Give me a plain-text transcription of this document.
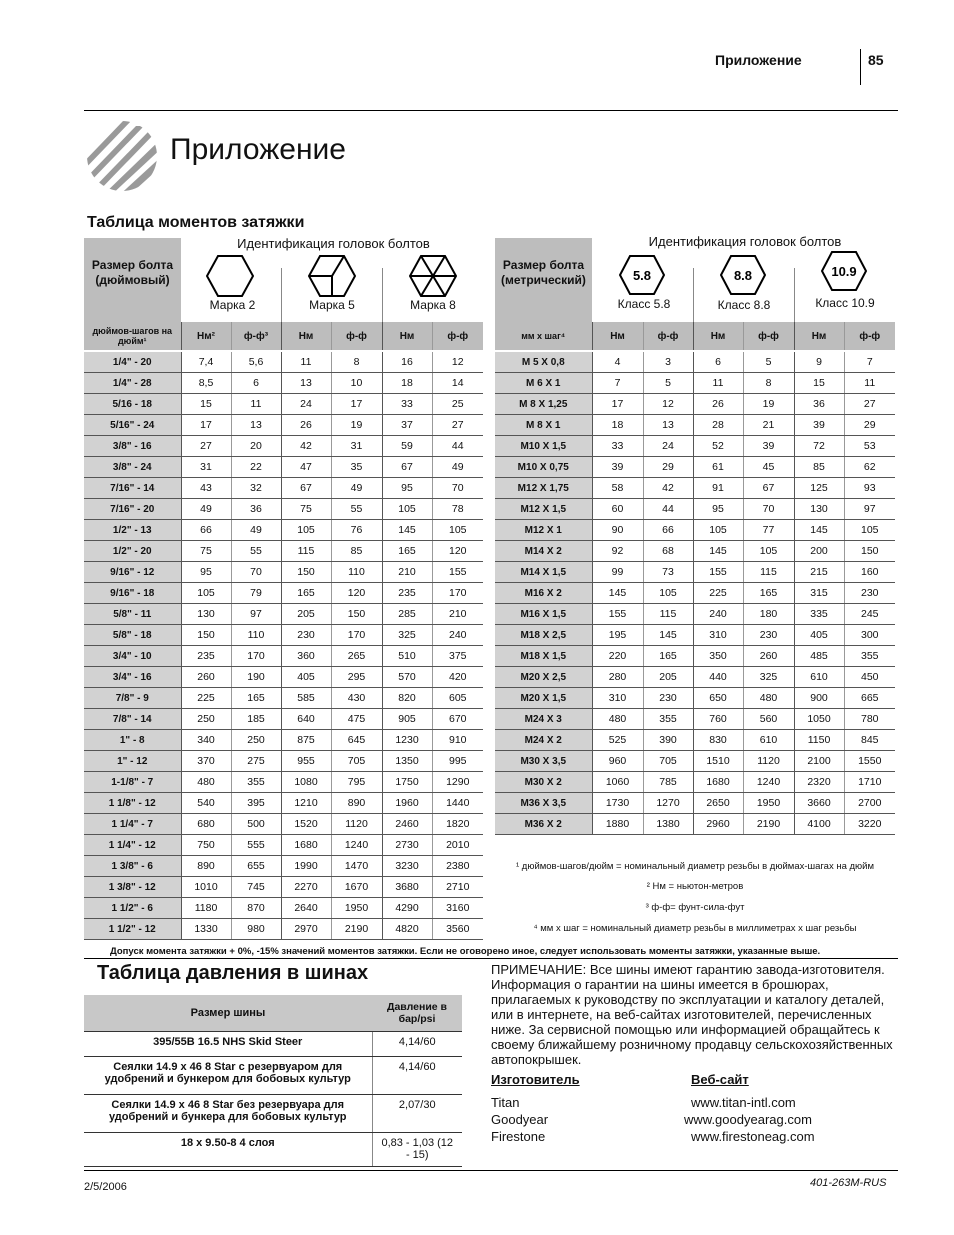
Приложение	85
Приложение
Таблица моментов затяжки
Размер болта (дюймовый)
Идентификация головок болтов
Марка 2	Марка 5	Марка 8
дюймов-шагов на дюйм¹	Нм²	ф-ф³	Нм	ф-ф	Нм	ф-ф
1/4" - 20	7,4	5,6	11	8	16	12
1/4" - 28	8,5	6	13	10	18	14
5/16 - 18	15	11	24	17	33	25
5/16" - 24	17	13	26	19	37	27
3/8" - 16	27	20	42	31	59	44
3/8" - 24	31	22	47	35	67	49
7/16" - 14	43	32	67	49	95	70
7/16" - 20	49	36	75	55	105	78
1/2" - 13	66	49	105	76	145	105
1/2" - 20	75	55	115	85	165	120
9/16" - 12	95	70	150	110	210	155
9/16" - 18	105	79	165	120	235	170
5/8" - 11	130	97	205	150	285	210
5/8" - 18	150	110	230	170	325	240
3/4" - 10	235	170	360	265	510	375
3/4" - 16	260	190	405	295	570	420
7/8" - 9	225	165	585	430	820	605
7/8" - 14	250	185	640	475	905	670
1" - 8	340	250	875	645	1230	910
1" - 12	370	275	955	705	1350	995
1-1/8" - 7	480	355	1080	795	1750	1290
1 1/8" - 12	540	395	1210	890	1960	1440
1 1/4" - 7	680	500	1520	1120	2460	1820
1 1/4" - 12	750	555	1680	1240	2730	2010
1 3/8" - 6	890	655	1990	1470	3230	2380
1 3/8" - 12	1010	745	2270	1670	3680	2710
1 1/2" - 6	1180	870	2640	1950	4290	3160
1 1/2" - 12	1330	980	2970	2190	4820	3560
Размер болта (метрический)
Идентификация головок болтов
5.8	8.8	10.9
Класс 5.8	Класс 8.8	Класс 10.9
мм х шаг⁴	Нм	ф-ф	Нм	ф-ф	Нм	ф-ф
M 5 X 0,8	4	3	6	5	9	7
M 6 X 1	7	5	11	8	15	11
M 8 X 1,25	17	12	26	19	36	27
M 8 X 1	18	13	28	21	39	29
M10 X 1,5	33	24	52	39	72	53
M10 X 0,75	39	29	61	45	85	62
M12 X 1,75	58	42	91	67	125	93
M12 X 1,5	60	44	95	70	130	97
M12 X 1	90	66	105	77	145	105
M14 X 2	92	68	145	105	200	150
M14 X 1,5	99	73	155	115	215	160
M16 X 2	145	105	225	165	315	230
M16 X 1,5	155	115	240	180	335	245
M18 X 2,5	195	145	310	230	405	300
M18 X 1,5	220	165	350	260	485	355
M20 X 2,5	280	205	440	325	610	450
M20 X 1,5	310	230	650	480	900	665
M24 X 3	480	355	760	560	1050	780
M24 X 2	525	390	830	610	1150	845
M30 X 3,5	960	705	1510	1120	2100	1550
M30 X 2	1060	785	1680	1240	2320	1710
M36 X 3,5	1730	1270	2650	1950	3660	2700
M36 X 2	1880	1380	2960	2190	4100	3220
¹ дюймов-шагов/дюйм = номинальный диаметр резьбы в дюймах-шагах на дюйм
² Нм = ньютон-метров
³ ф-ф= фунт-сила-фут
⁴ мм х шаг = номинальный диаметр резьбы в миллиметрах х шаг резьбы
Допуск момента затяжки + 0%, -15% значений моментов затяжки. Если не оговорено иное, следует использовать моменты затяжки, указанные выше.
Таблица давления в шинах
Размер шины	Давление в бар/psi
395/55B 16.5 NHS Skid Steer	4,14/60
Сеялки 14.9 x 46 8 Star с резервуаром для удобрений и бункером для бобовых культур	4,14/60
Сеялки 14.9 x 46 8 Star без резервуара для удобрений и бункера для бобовых культур	2,07/30
18 x 9.50-8 4 слоя	0,83 - 1,03 (12 - 15)
ПРИМЕЧАНИЕ: Все шины имеют гарантию завода-изготовителя. Информация о гарантии на шины имеется в брошюрах, прилагаемых к руководству по эксплуатации и каталогу деталей, или в интернете, на веб-сайтах изготовителей, перечисленных ниже. За сервисной помощью или информацией обращайтесь к своему ближайшему розничному продавцу сельскохозяйственных автопокрышек.
Изготовитель	Веб-сайт
Titan	www.titan-intl.com
Goodyear	www.goodyearag.com
Firestone	www.firestoneag.com
2/5/2006	401-263M-RUS
